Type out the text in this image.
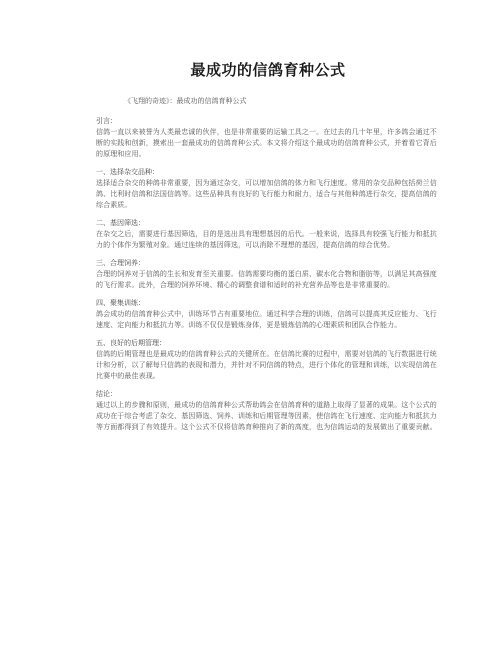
最成功的信鸽育种公式

《飞翔的奇迹》：最成功的信鸽育种公式

引言：

信鸽一直以来被誉为人类最忠诚的伙伴，也是非常重要的运输工具之一。在过去的几十年里，许多鸽会通过不断的实践和创新，摸索出一套最成功的信鸽育种公式。本文将介绍这个最成功的信鸽育种公式，并着看它背后的原理和应用。

一、选择杂交品种：

选择适合杂交的种鸽非常重要，因为通过杂交，可以增加信鸽的体力和飞行速度。常用的杂交品种包括荷兰信鸽、比利时信鸽和法国信鸽等。这些品种具有良好的飞行能力和耐力，适合与其他种鸽进行杂交，提高信鸽的综合素质。

二、基因筛选：

在杂交之后，需要进行基因筛选，目的是选出具有理想基因的后代。一般来说，选择具有较强飞行能力和抵抗力的个体作为繁殖对象。通过连续的基因筛选，可以消除不理想的基因，提高信鸽的综合优势。

三、合理饲养：

合理的饲养对于信鸽的生长和发育至关重要。信鸽需要均衡的蛋白质、碳水化合物和脂肪等，以满足其高强度的飞行需求。此外，合理的饲养环境、精心的调整食谱和适时的补充营养品等也是非常重要的。

四、聚集训练：

鸽会成功的信鸽育种公式中，训练环节占有重要地位。通过科学合理的训练，信鸽可以提高其反应能力、飞行速度、定向能力和抵抗力等。训练不仅仅是锻炼身体，更是锻炼信鸽的心理素质和团队合作能力。

五、良好的后期管理：

信鸽的后期管理也是最成功的信鸽育种公式的关键所在。在信鸽比赛的过程中，需要对信鸽的飞行数据进行统计和分析，以了解每只信鸽的表现和潜力，并针对不同信鸽的特点，进行个体化的管理和训练，以实现信鸽在比赛中的最佳表现。

结论：

通过以上的步骤和原则，最成功的信鸽育种公式帮助鸽会在信鸽育种的道路上取得了显著的成果。这个公式的成功在于综合考虑了杂交、基因筛选、饲养、训练和后期管理等因素，使信鸽在飞行速度、定向能力和抵抗力等方面都得到了有效提升。这个公式不仅将信鸽育种推向了新的高度，也为信鸽运动的发展做出了重要贡献。
